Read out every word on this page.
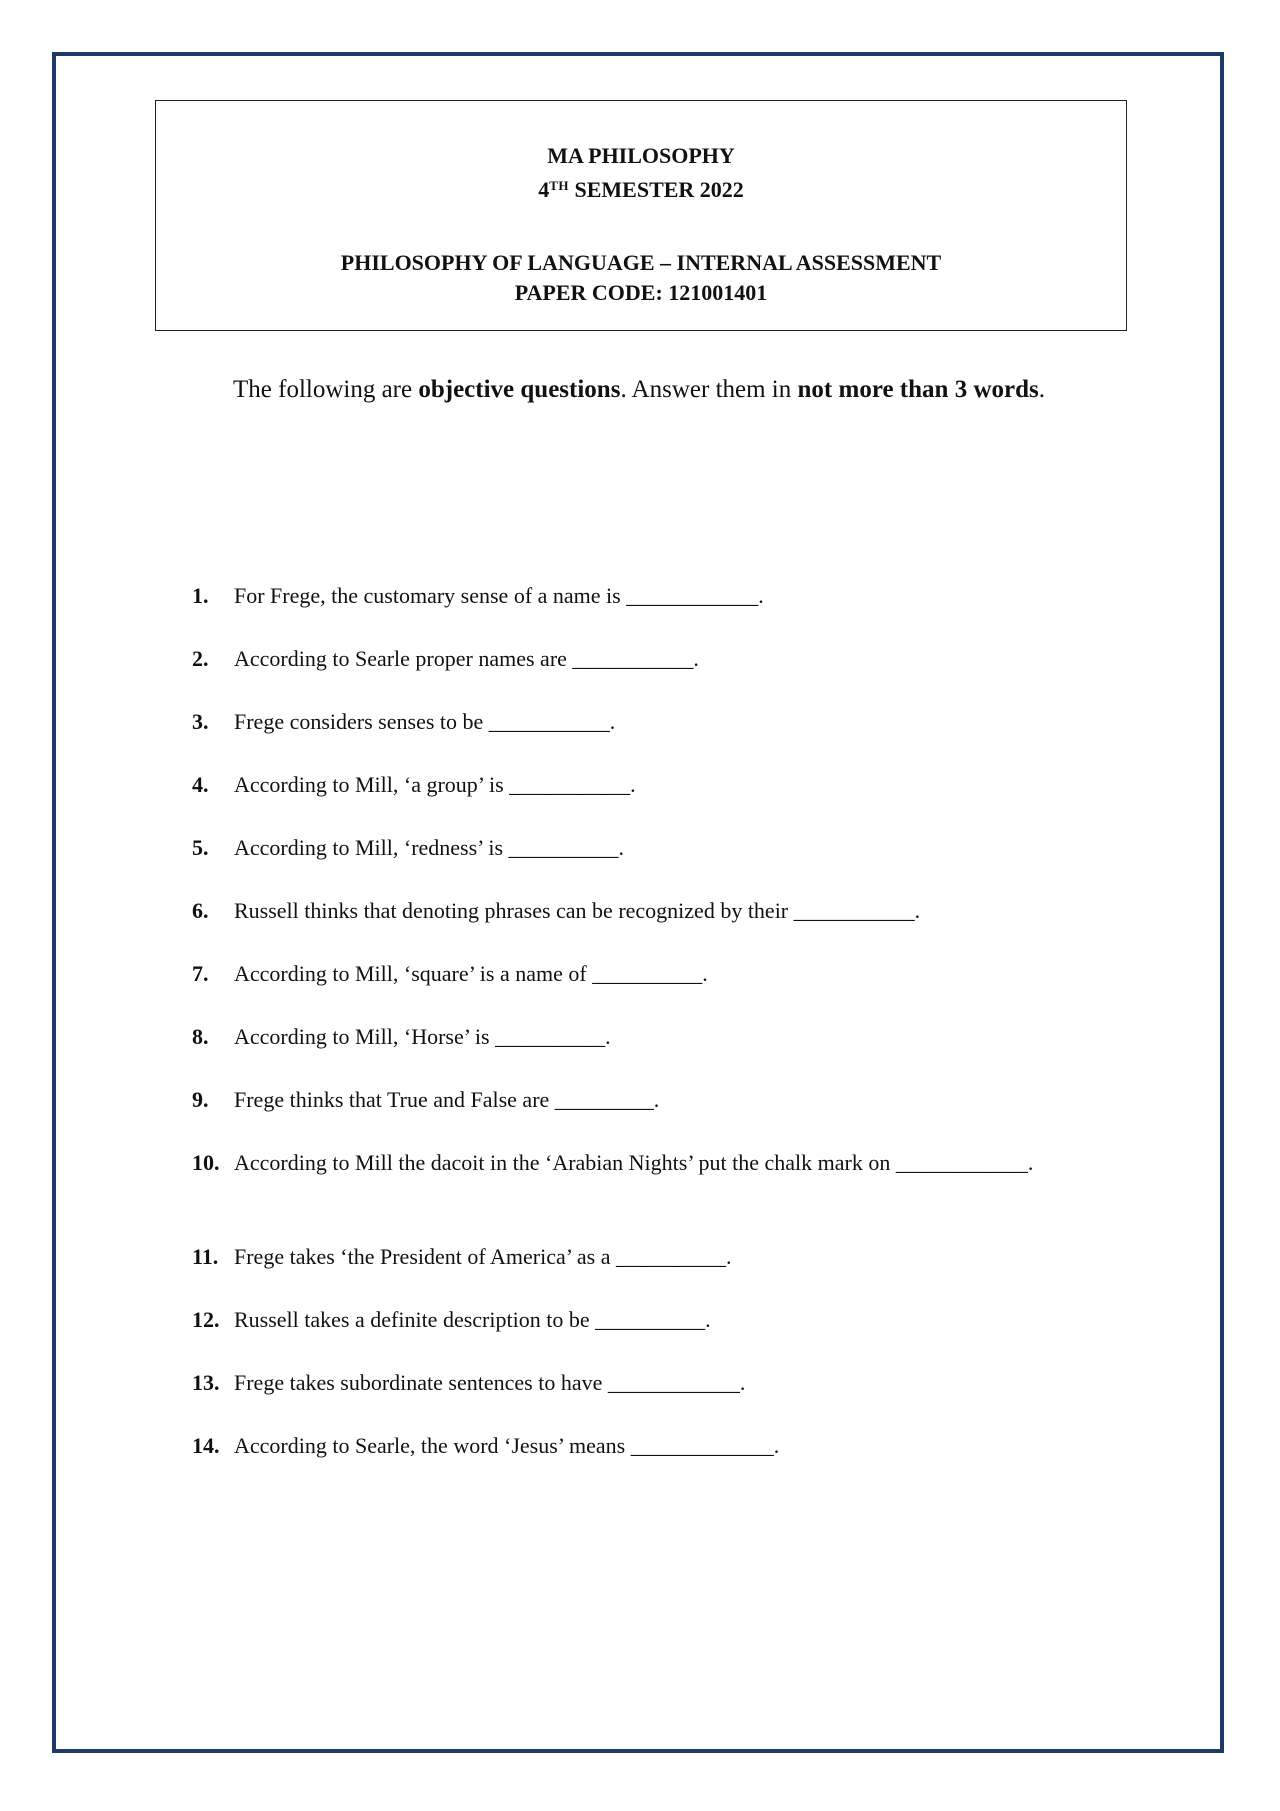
MA PHILOSOPHY
4TH SEMESTER 2022
PHILOSOPHY OF LANGUAGE – INTERNAL ASSESSMENT
PAPER CODE: 121001401
The following are objective questions. Answer them in not more than 3 words.
1.	For Frege, the customary sense of a name is ____________.
2.	According to Searle proper names are ___________.
3.	Frege considers senses to be ___________.
4.	According to Mill, ‘a group’ is ___________.
5.	According to Mill, ‘redness’ is __________.
6.	Russell thinks that denoting phrases can be recognized by their ___________.
7.	According to Mill, ‘square’ is a name of __________.
8.	According to Mill, ‘Horse’ is __________.
9.	Frege thinks that True and False are _________.
10. According to Mill the dacoit in the ‘Arabian Nights’ put the chalk mark on ____________.
11. Frege takes ‘the President of America’ as a __________.
12. Russell takes a definite description to be __________.
13. Frege takes subordinate sentences to have ____________.
14. According to Searle, the word ‘Jesus’ means _____________.
